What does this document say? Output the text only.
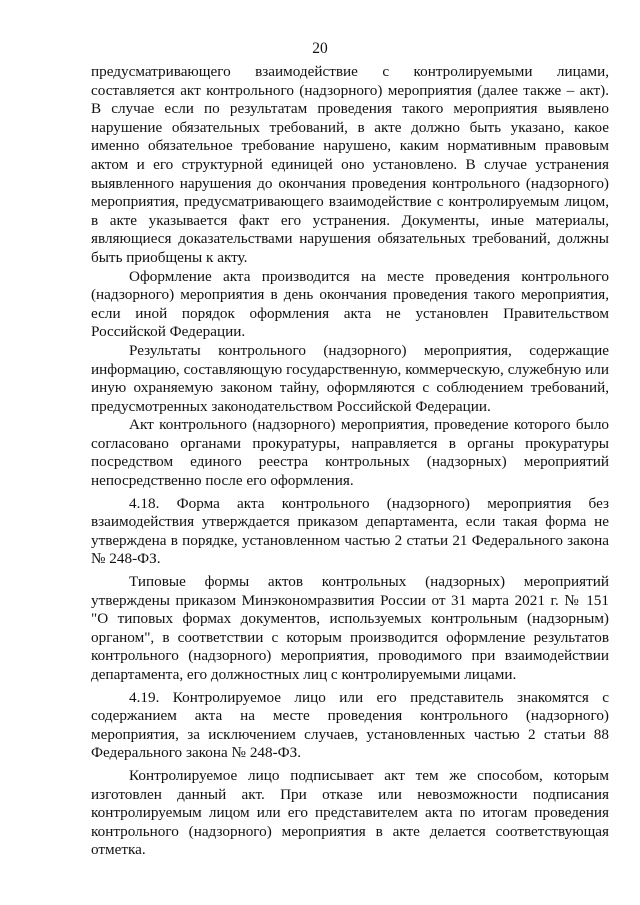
20

предусматривающего взаимодействие с контролируемыми лицами, составляется акт контрольного (надзорного) мероприятия (далее также – акт). В случае если по результатам проведения такого мероприятия выявлено нарушение обязательных требований, в акте должно быть указано, какое именно обязательное требование нарушено, каким нормативным правовым актом и его структурной единицей оно установлено. В случае устранения выявленного нарушения до окончания проведения контрольного (надзорного) мероприятия, предусматривающего взаимодействие с контролируемым лицом, в акте указывается факт его устранения. Документы, иные материалы, являющиеся доказательствами нарушения обязательных требований, должны быть приобщены к акту.

Оформление акта производится на месте проведения контрольного (надзорного) мероприятия в день окончания проведения такого мероприятия, если иной порядок оформления акта не установлен Правительством Российской Федерации.

Результаты контрольного (надзорного) мероприятия, содержащие информацию, составляющую государственную, коммерческую, служебную или иную охраняемую законом тайну, оформляются с соблюдением требований, предусмотренных законодательством Российской Федерации.

Акт контрольного (надзорного) мероприятия, проведение которого было согласовано органами прокуратуры, направляется в органы прокуратуры посредством единого реестра контрольных (надзорных) мероприятий непосредственно после его оформления.

4.18. Форма акта контрольного (надзорного) мероприятия без взаимодействия утверждается приказом департамента, если такая форма не утверждена в порядке, установленном частью 2 статьи 21 Федерального закона № 248-ФЗ.

Типовые формы актов контрольных (надзорных) мероприятий утверждены приказом Минэкономразвития России от 31 марта 2021 г. № 151 "О типовых формах документов, используемых контрольным (надзорным) органом", в соответствии с которым производится оформление результатов контрольного (надзорного) мероприятия, проводимого при взаимодействии департамента, его должностных лиц с контролируемыми лицами.

4.19. Контролируемое лицо или его представитель знакомятся с содержанием акта на месте проведения контрольного (надзорного) мероприятия, за исключением случаев, установленных частью 2 статьи 88 Федерального закона № 248-ФЗ.

Контролируемое лицо подписывает акт тем же способом, которым изготовлен данный акт. При отказе или невозможности подписания контролируемым лицом или его представителем акта по итогам проведения контрольного (надзорного) мероприятия в акте делается соответствующая отметка.
